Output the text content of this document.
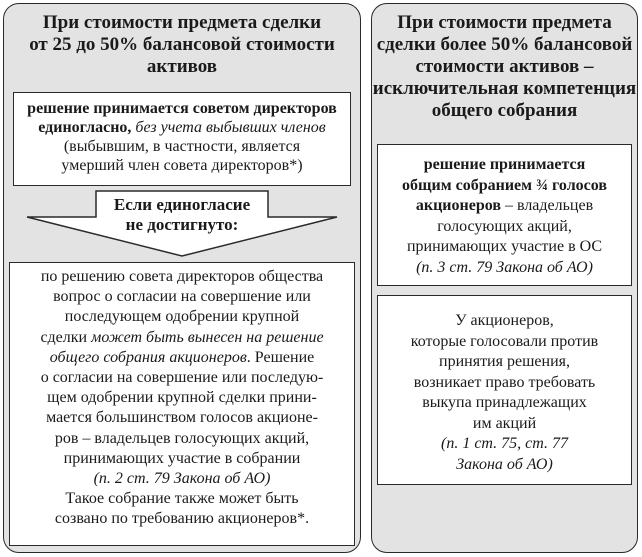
При стоимости предмета сделки
от 25 до 50% балансовой стоимости
активов
решение принимается советом директоров
единогласно, без учета выбывших членов
(выбывшим, в частности, является
умерший член совета директоров*)
Если единогласие
не достигнуто:
по решению совета директоров общества
вопрос о согласии на совершение или
последующем одобрении крупной
сделки может быть вынесен на решение
общего собрания акционеров. Решение
о согласии на совершение или последую-
щем одобрении крупной сделки прини-
мается большинством голосов акционе-
ров – владельцев голосующих акций,
принимающих участие в собрании
(п. 2 ст. 79 Закона об АО)
Такое собрание также может быть
созвано по требованию акционеров*.
При стоимости предмета
сделки более 50% балансовой
стоимости активов –
исключительная компетенция
общего собрания
решение принимается
общим собранием ¾ голосов
акционеров – владельцев
голосующих акций,
принимающих участие в ОС
(п. 3 ст. 79 Закона об АО)
У акционеров,
которые голосовали против
принятия решения,
возникает право требовать
выкупа принадлежащих
им акций
(п. 1 ст. 75, ст. 77
Закона об АО)
